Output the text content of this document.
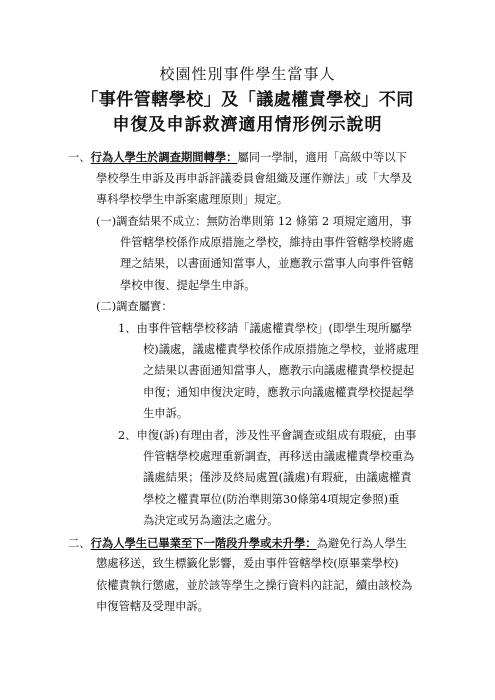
校園性別事件學生當事人
「事件管轄學校」及「議處權責學校」不同
申復及申訴救濟適用情形例示說明
一、行為人學生於調查期間轉學：屬同一學制，適用「高級中等以下
學校學生申訴及再申訴評議委員會組織及運作辦法」或「大學及
專科學校學生申訴案處理原則」規定。
(一)調查結果不成立：無防治準則第 12 條第 2 項規定適用，事
件管轄學校係作成原措施之學校，維持由事件管轄學校將處
理之結果，以書面通知當事人，並應教示當事人向事件管轄
學校申復、提起學生申訴。
(二)調查屬實：
1、由事件管轄學校移請「議處權責學校」(即學生現所屬學
校)議處，議處權責學校係作成原措施之學校，並將處理
之結果以書面通知當事人，應教示向議處權責學校提起
申復；通知申復決定時，應教示向議處權責學校提起學
生申訴。
2、申復(訴)有理由者，涉及性平會調查或組成有瑕疵，由事
件管轄學校處理重新調查，再移送由議處權責學校重為
議處結果；僅涉及終局處置(議處)有瑕疵，由議處權責
學校之權責單位(防治準則第30條第4項規定參照)重
為決定或另為適法之處分。
二、行為人學生已畢業至下一階段升學或未升學：為避免行為人學生
懲處移送，致生標籤化影響，爰由事件管轄學校(原畢業學校)
依權責執行懲處，並於該等學生之操行資料內註記，續由該校為
申復管轄及受理申訴。
